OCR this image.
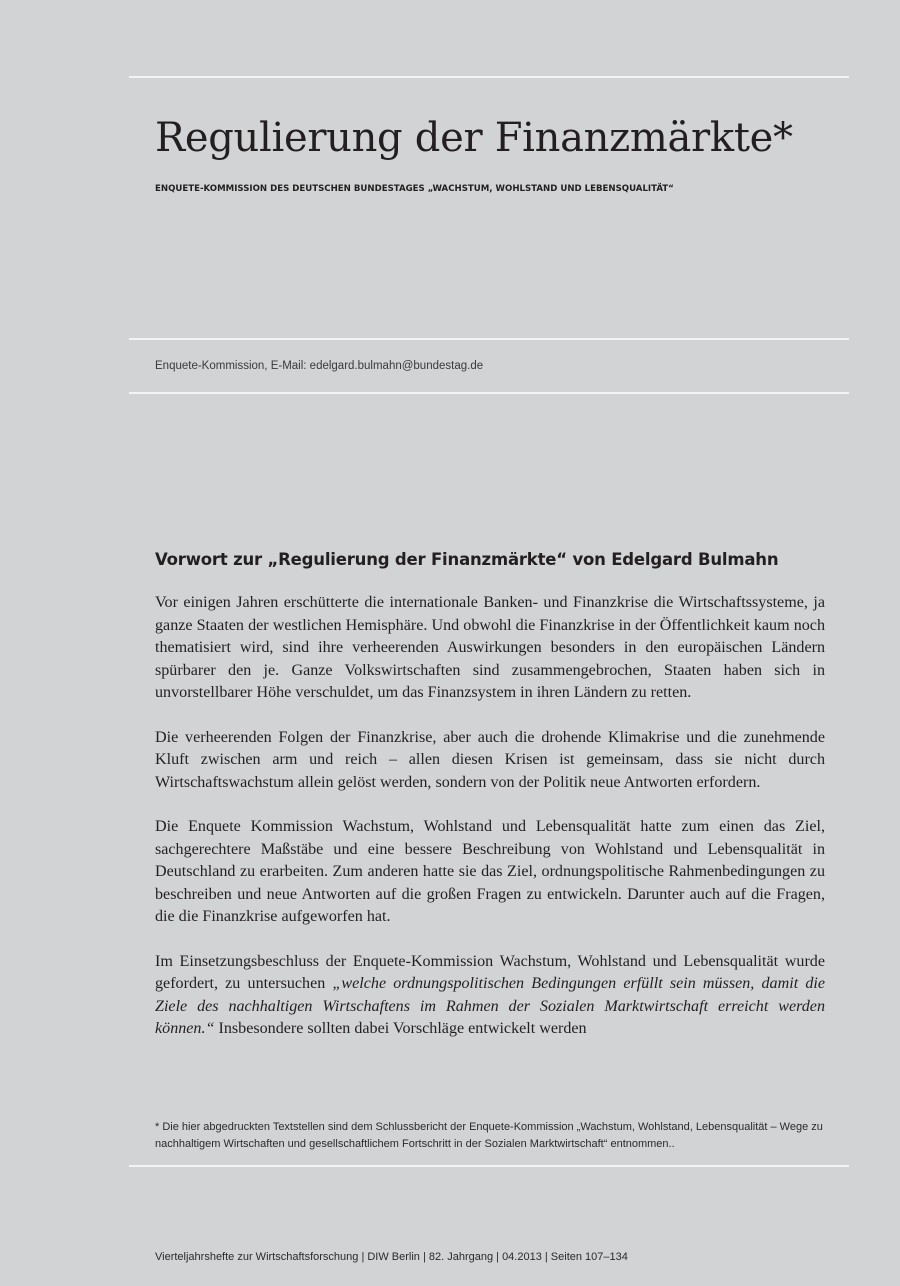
Regulierung der Finanzmärkte*
ENQUETE-KOMMISSION DES DEUTSCHEN BUNDESTAGES „WACHSTUM, WOHLSTAND UND LEBENSQUALITÄT“
Enquete-Kommission, E-Mail: edelgard.bulmahn@bundestag.de
Vorwort zur „Regulierung der Finanzmärkte“ von Edelgard Bulmahn

Vor einigen Jahren erschütterte die internationale Banken- und Finanzkrise die Wirtschaftssysteme, ja ganze Staaten der westlichen Hemisphäre. Und obwohl die Finanzkrise in der Öffentlichkeit kaum noch thematisiert wird, sind ihre verheerenden Auswirkungen besonders in den europäischen Ländern spürbarer den je. Ganze Volkswirtschaften sind zusammengebrochen, Staaten haben sich in unvorstellbarer Höhe verschuldet, um das Finanzsystem in ihren Ländern zu retten.

Die verheerenden Folgen der Finanzkrise, aber auch die drohende Klimakrise und die zunehmende Kluft zwischen arm und reich – allen diesen Krisen ist gemeinsam, dass sie nicht durch Wirtschaftswachstum allein gelöst werden, sondern von der Politik neue Antworten erfordern.

Die Enquete Kommission Wachstum, Wohlstand und Lebensqualität hatte zum einen das Ziel, sachgerechtere Maßstäbe und eine bessere Beschreibung von Wohlstand und Lebensqualität in Deutschland zu erarbeiten. Zum anderen hatte sie das Ziel, ordnungspolitische Rahmenbedingungen zu beschreiben und neue Antworten auf die großen Fragen zu entwickeln. Darunter auch auf die Fragen, die die Finanzkrise aufgeworfen hat.

Im Einsetzungsbeschluss der Enquete-Kommission Wachstum, Wohlstand und Lebensqualität wurde gefordert, zu untersuchen „welche ordnungspolitischen Bedingungen erfüllt sein müssen, damit die Ziele des nachhaltigen Wirtschaftens im Rahmen der Sozialen Marktwirtschaft erreicht werden können.“ Insbesondere sollten dabei Vorschläge entwickelt werden

* Die hier abgedruckten Textstellen sind dem Schlussbericht der Enquete-Kommission „Wachstum, Wohlstand, Lebensqualität – Wege zu nachhaltigem Wirtschaften und gesellschaftlichem Fortschritt in der Sozialen Marktwirtschaft“ entnommen..
Vierteljahrshefte zur Wirtschaftsforschung | DIW Berlin | 82. Jahrgang | 04.2013 | Seiten 107–134
